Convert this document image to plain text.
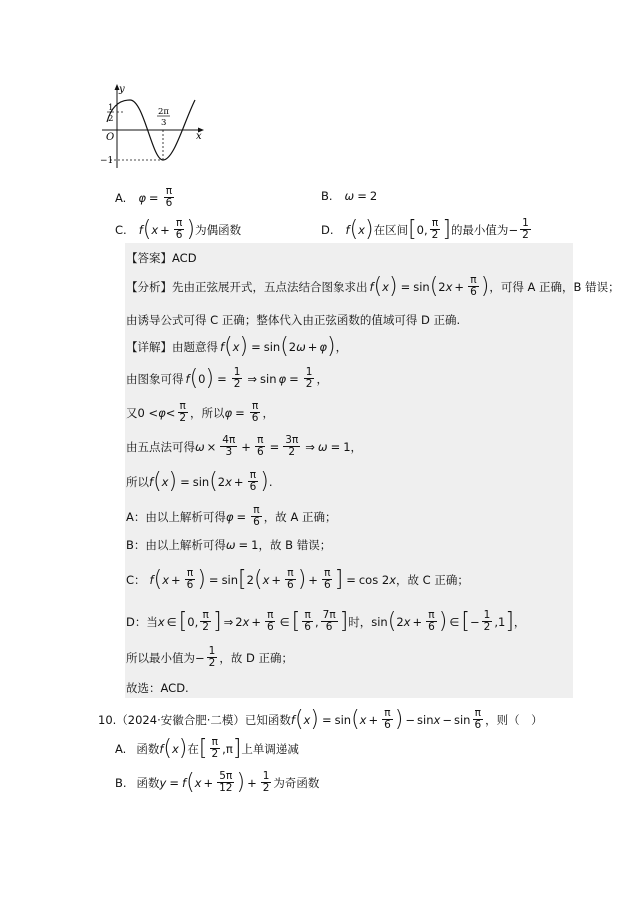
y
x
O
1
2
−1
2π
3
A. $\varphi = \frac{\pi}{6}$	B. ω = 2
C. f ( $x + \frac{\pi}{6}$ ) 为偶函数	D. f ( x ) 在区间 [ 0, $\frac{\pi}{2}$ ] 的最小值为 − $\frac{1}{2}$
【答案】 ACD
【分析】 先由正弦展开式，五点法结合图象求出 f ( x ) = sin ( 2 $x + \frac{\pi}{6}$ ) ，可得 A 正确，B 错误；
由诱导公式可得 C 正确；整体代入由正弦函数的值域可得 D 正确.
【详解】 由题意得 f ( x ) = sin ( 2 ω + φ ) ，
由图象可得 f ( 0 ) = $\frac{1}{2}$ ⇒ $\sin \varphi = \frac{1}{2}$ ，
又 $0 < \varphi < \frac{\pi}{2}$ ，所以 $\varphi = \frac{\pi}{6}$ ，
由五点法可得 $\omega \times \frac{4\pi}{3} + \frac{\pi}{6} = \frac{3\pi}{2}$ ⇒ ω = 1，
所以 f ( x ) = sin ( 2 $x + \frac{\pi}{6}$ ) .
A：由以上解析可得 $\varphi = \frac{\pi}{6}$ ，故 A 正确；
B：由以上解析可得 ω = 1 ，故 B 错误；
C： f ( $x + \frac{\pi}{6}$ ) = sin [ 2 ( $x + \frac{\pi}{6}$ ) + $\frac{\pi}{6}$ ] = cos 2 x ，故 C 正确；
D：当 x ∈ [ 0, $\frac{\pi}{2}$ ] ⇒ 2 $x + \frac{\pi}{6}$ ∈ [ $\frac{\pi}{6}$ , $\frac{7\pi}{6}$ ] 时， sin ( 2 $x + \frac{\pi}{6}$ ) ∈ [ − $\frac{1}{2} ,1$ ] ，
所以最小值为 − $\frac{1}{2}$ ，故 D 正确；
故选：ACD.
10. （2024·安徽合肥·二模） 已知函数 f ( x ) = sin ( $x + \frac{\pi}{6}$ ) − $\sin x - \sin \frac{\pi}{6}$ ，则（　）
A. 函数 f ( x ) 在 [ $\frac{\pi}{2} ,\pi$ ] 上单调递减
B. 函数 y = f ( $x + \frac{5\pi}{12}$ ) + $\frac{1}{2}$ 为奇函数
